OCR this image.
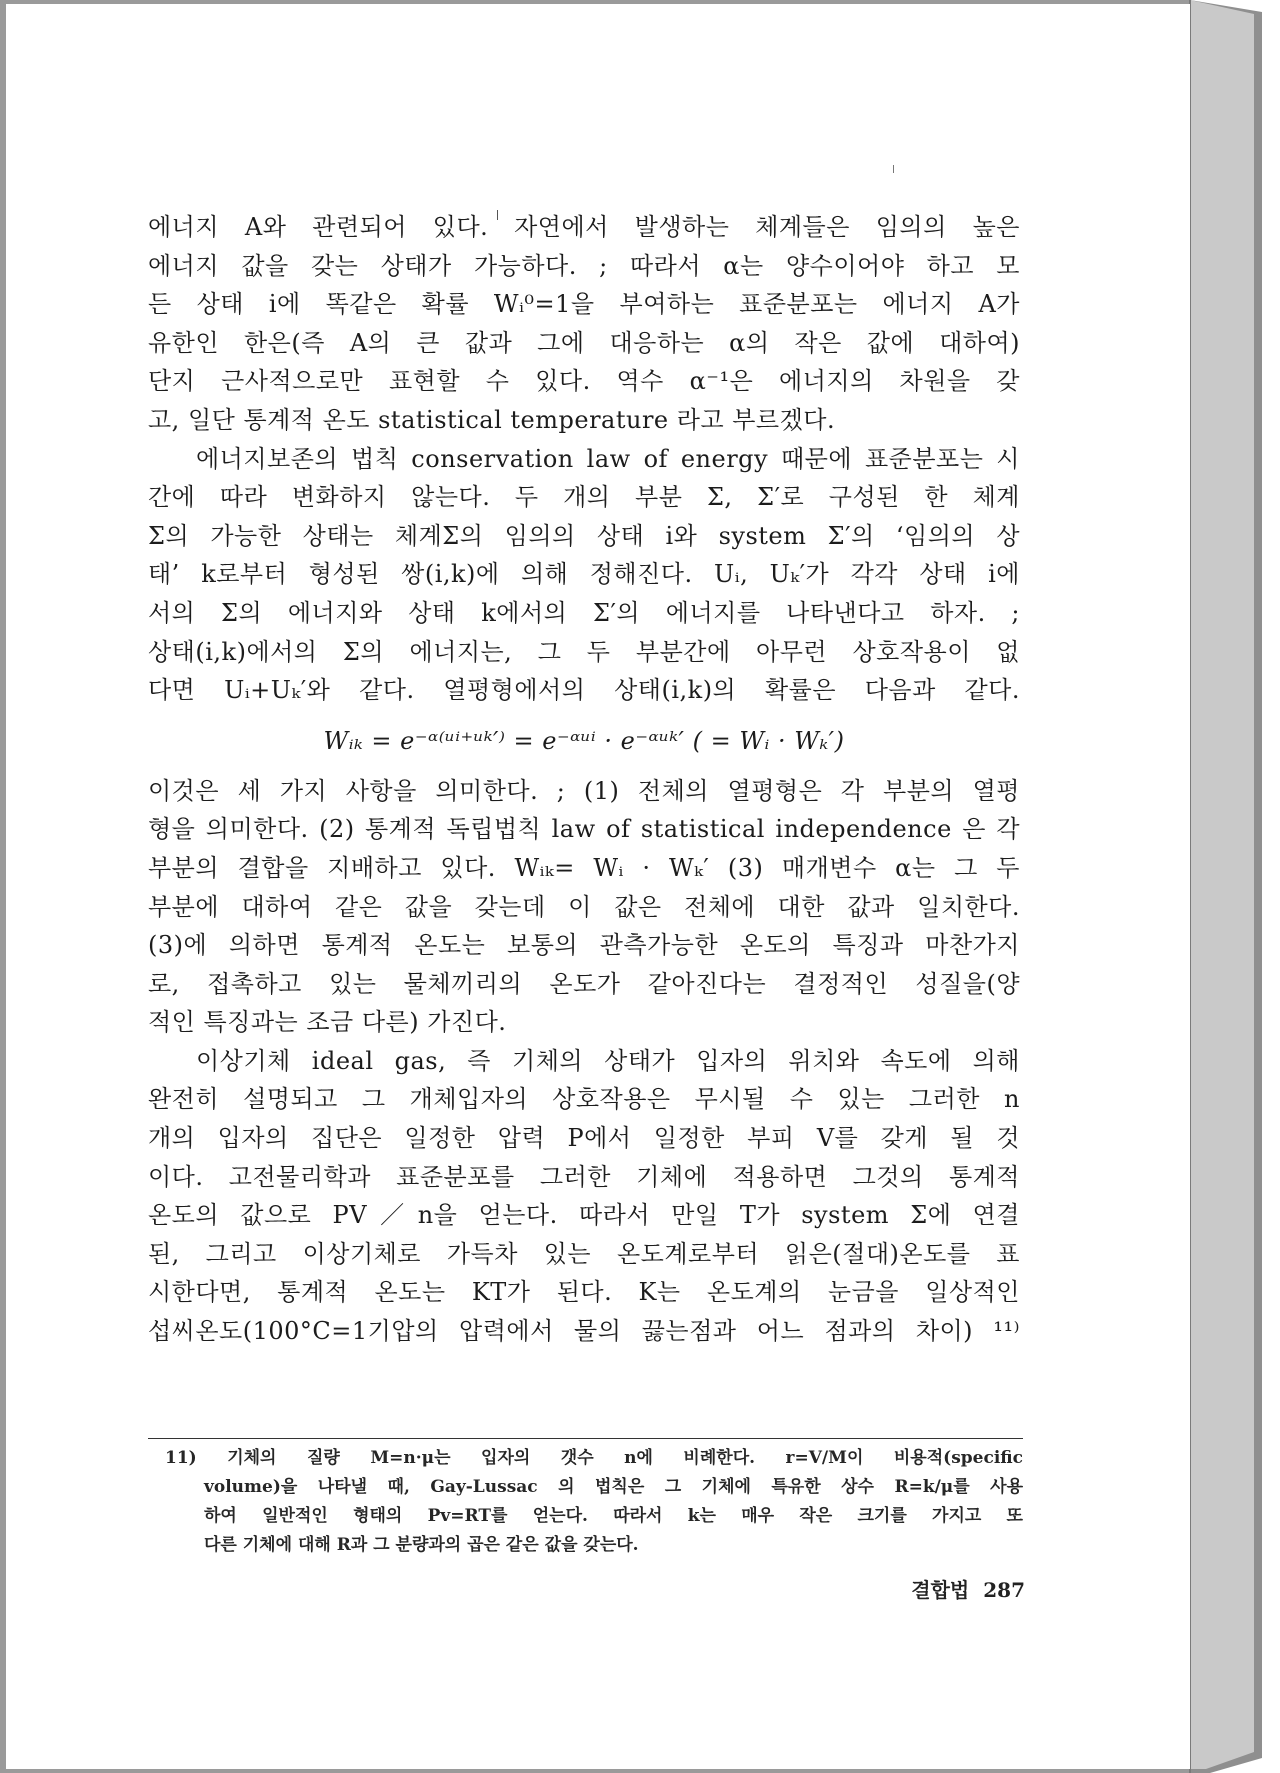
에너지 A와 관련되어 있다. 자연에서 발생하는 체계들은 임의의 높은
에너지 값을 갖는 상태가 가능하다. ; 따라서 α는 양수이어야 하고 모
든 상태 i에 똑같은 확률 Wᵢ⁰=1을 부여하는 표준분포는 에너지 A가
유한인 한은(즉 A의 큰 값과 그에 대응하는 α의 작은 값에 대하여)
단지 근사적으로만 표현할 수 있다. 역수 α⁻¹은 에너지의 차원을 갖
고, 일단 통계적 온도 statistical temperature 라고 부르겠다.
에너지보존의 법칙 conservation law of energy 때문에 표준분포는 시
간에 따라 변화하지 않는다. 두 개의 부분 Σ, Σ′로 구성된 한 체계
Σ의 가능한 상태는 체계Σ의 임의의 상태 i와 system Σ′의 ‘임의의 상
태’ k로부터 형성된 쌍(i,k)에 의해 정해진다. Uᵢ, Uₖ′가 각각 상태 i에
서의 Σ의 에너지와 상태 k에서의 Σ′의 에너지를 나타낸다고 하자. ;
상태(i,k)에서의 Σ의 에너지는, 그 두 부분간에 아무런 상호작용이 없
다면 Uᵢ+Uₖ′와 같다. 열평형에서의 상태(i,k)의 확률은 다음과 같다.
Wᵢₖ = e⁻ᵅ⁽ᵘⁱ⁺ᵘᵏ′⁾ = e⁻ᵅᵘⁱ · e⁻ᵅᵘᵏ′ ( = Wᵢ · Wₖ′)
이것은 세 가지 사항을 의미한다. ; (1) 전체의 열평형은 각 부분의 열평
형을 의미한다. (2) 통계적 독립법칙 law of statistical independence 은 각
부분의 결합을 지배하고 있다. Wᵢₖ= Wᵢ · Wₖ′ (3) 매개변수 α는 그 두
부분에 대하여 같은 값을 갖는데 이 값은 전체에 대한 값과 일치한다.
(3)에 의하면 통계적 온도는 보통의 관측가능한 온도의 특징과 마찬가지
로, 접촉하고 있는 물체끼리의 온도가 같아진다는 결정적인 성질을(양
적인 특징과는 조금 다른) 가진다.
이상기체 ideal gas, 즉 기체의 상태가 입자의 위치와 속도에 의해
완전히 설명되고 그 개체입자의 상호작용은 무시될 수 있는 그러한 n
개의 입자의 집단은 일정한 압력 P에서 일정한 부피 V를 갖게 될 것
이다. 고전물리학과 표준분포를 그러한 기체에 적용하면 그것의 통계적
온도의 값으로 PV／n을 얻는다. 따라서 만일 T가 system Σ에 연결
된, 그리고 이상기체로 가득차 있는 온도계로부터 읽은(절대)온도를 표
시한다면, 통계적 온도는 KT가 된다. K는 온도계의 눈금을 일상적인
섭씨온도(100°C=1기압의 압력에서 물의 끓는점과 어느 점과의 차이) ¹¹⁾
11) 기체의 질량 M=n·μ는 입자의 갯수 n에 비례한다. r=V/M이 비용적(specific
volume)을 나타낼 때, Gay-Lussac 의 법칙은 그 기체에 특유한 상수 R=k/μ를 사용
하여 일반적인 형태의 Pv=RT를 얻는다. 따라서 k는 매우 작은 크기를 가지고 또
다른 기체에 대해 R과 그 분량과의 곱은 같은 값을 갖는다.
결합법 287
